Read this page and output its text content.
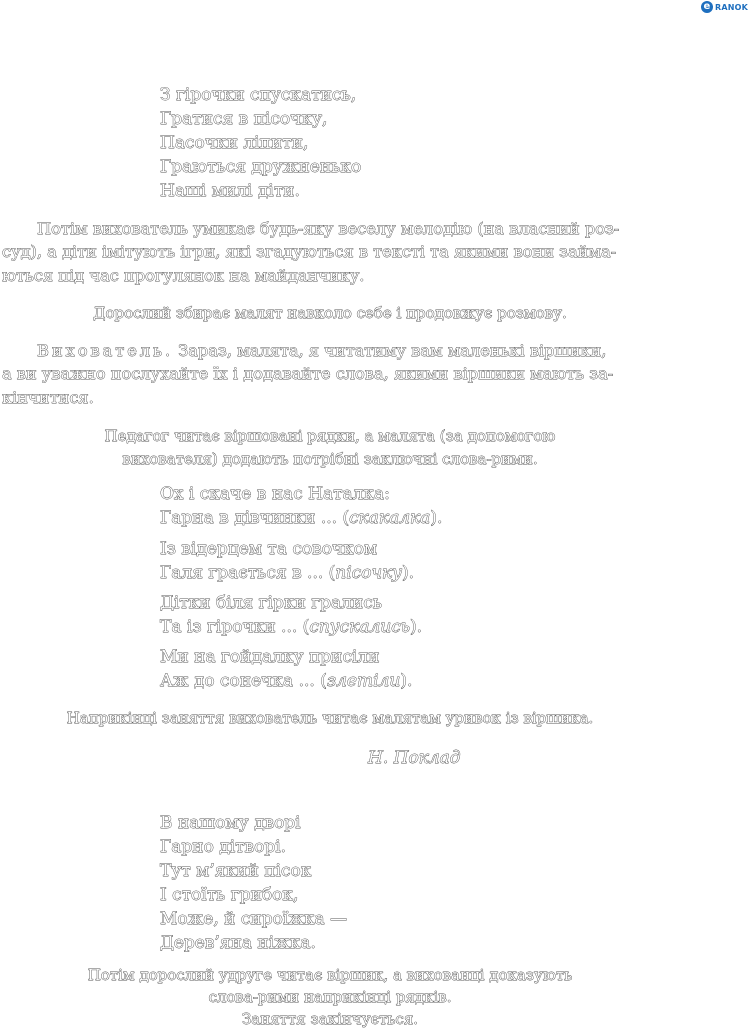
e RANOK
З гірочки спускатись,
Гратися в пісочку,
Пасочки ліпити,
Граються дружненько
Наші милі діти.
Потім вихователь умикає будь-яку веселу мелодію (на власний роз-
суд), а діти імітують ігри, які згадуються в тексті та якими вони займа-
ються під час прогулянок на майданчику.
Дорослий збирає малят навколо себе і продовжує розмову.
Вихователь. Зараз, малята, я читатиму вам маленькі віршики,
а ви уважно послухайте їх і додавайте слова, якими віршики мають за-
кінчитися.
Педагог читає віршовані рядки, а малята (за допомогою
вихователя) додають потрібні заключні слова-рими.
Ох і скаче в нас Наталка:
Гарна в дівчинки ... (скакалка).
Із відерцем та совочком
Галя грається в ... (пісочку).
Дітки біля гірки грались
Та із гірочки ... (спускались).
Ми на гойдалку присіли
Аж до сонечка ... (злетіли).
Наприкінці заняття вихователь читає малятам уривок із віршика.
Н. Поклад
В нашому дворі
Гарно дітворі.
Тут м’який пісок
І стоїть грибок,
Може, й сироїжка —
Дерев’яна ніжка.
Потім дорослий удруге читає віршик, а вихованці доказують
слова-рими наприкінці рядків.
Заняття закінчується.
